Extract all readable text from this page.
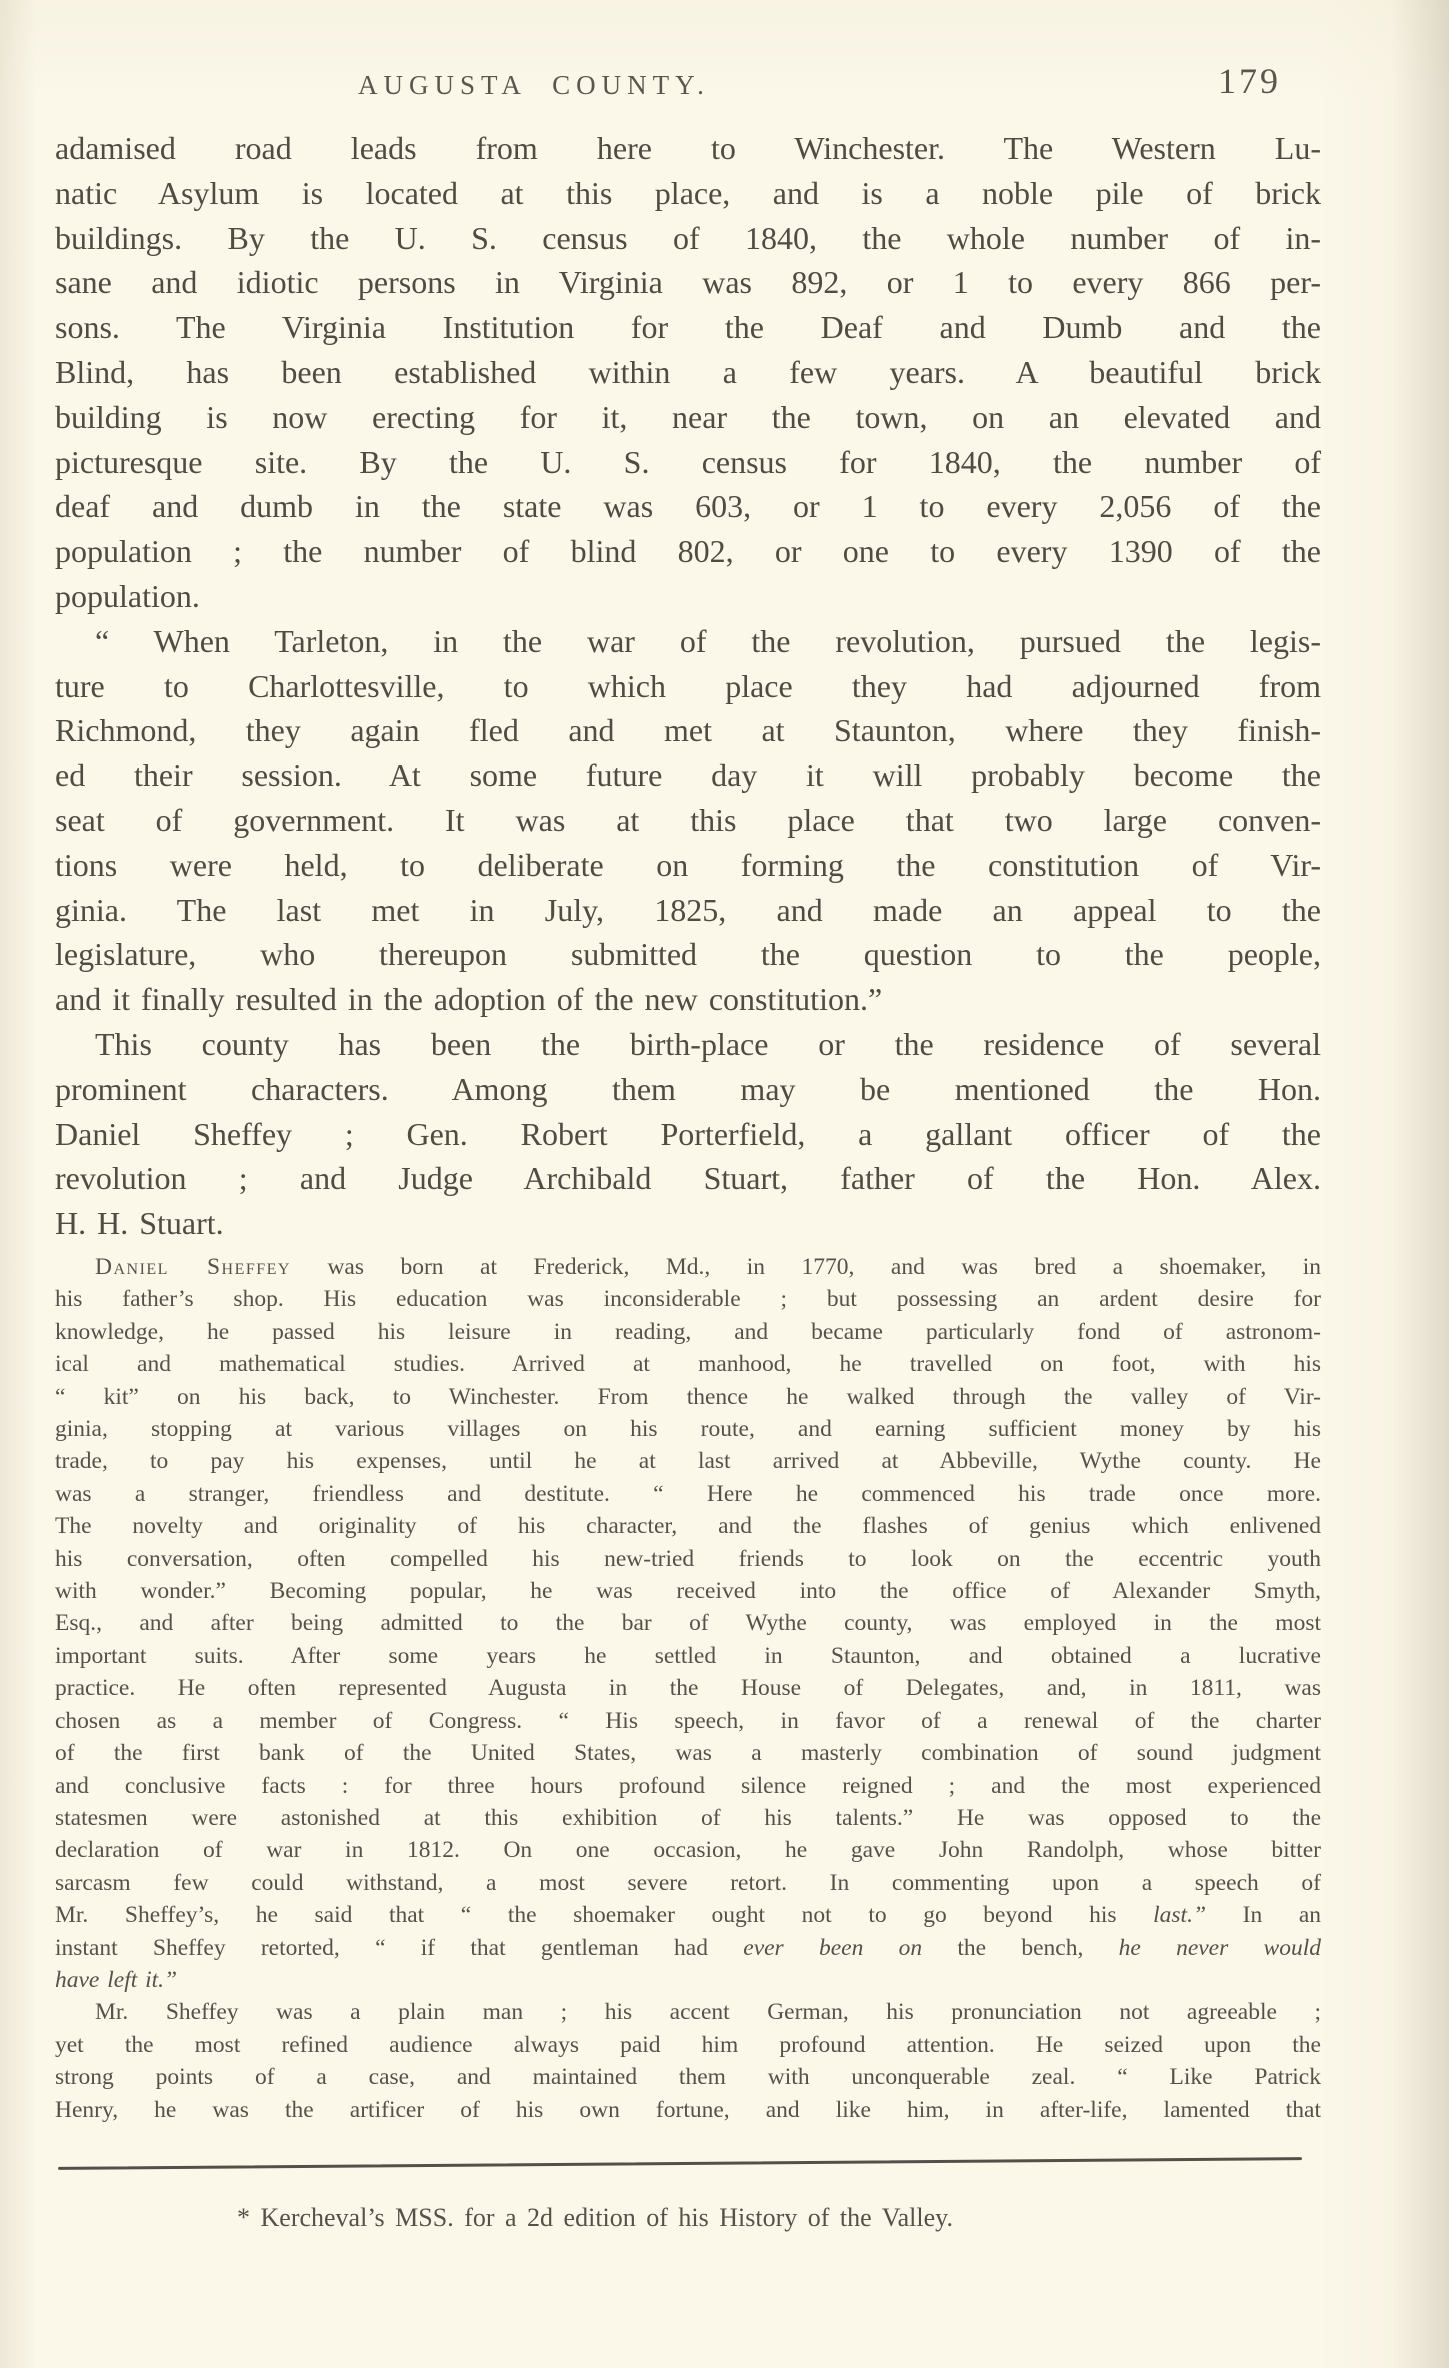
AUGUSTA COUNTY.	179
adamised road leads from here to Winchester. The Western Lu-
natic Asylum is located at this place, and is a noble pile of brick
buildings. By the U. S. census of 1840, the whole number of in-
sane and idiotic persons in Virginia was 892, or 1 to every 866 per-
sons. The Virginia Institution for the Deaf and Dumb and the
Blind, has been established within a few years. A beautiful brick
building is now erecting for it, near the town, on an elevated and
picturesque site. By the U. S. census for 1840, the number of
deaf and dumb in the state was 603, or 1 to every 2,056 of the
population ; the number of blind 802, or one to every 1390 of the
population.
“ When Tarleton, in the war of the revolution, pursued the legis-
ture to Charlottesville, to which place they had adjourned from
Richmond, they again fled and met at Staunton, where they finish-
ed their session. At some future day it will probably become the
seat of government. It was at this place that two large conven-
tions were held, to deliberate on forming the constitution of Vir-
ginia. The last met in July, 1825, and made an appeal to the
legislature, who thereupon submitted the question to the people,
and it finally resulted in the adoption of the new constitution.”
This county has been the birth-place or the residence of several
prominent characters. Among them may be mentioned the Hon.
Daniel Sheffey ; Gen. Robert Porterfield, a gallant officer of the
revolution ; and Judge Archibald Stuart, father of the Hon. Alex.
H. H. Stuart.
Daniel Sheffey was born at Frederick, Md., in 1770, and was bred a shoemaker, in
his father’s shop. His education was inconsiderable ; but possessing an ardent desire for
knowledge, he passed his leisure in reading, and became particularly fond of astronom-
ical and mathematical studies. Arrived at manhood, he travelled on foot, with his
“ kit” on his back, to Winchester. From thence he walked through the valley of Vir-
ginia, stopping at various villages on his route, and earning sufficient money by his
trade, to pay his expenses, until he at last arrived at Abbeville, Wythe county. He
was a stranger, friendless and destitute. “ Here he commenced his trade once more.
The novelty and originality of his character, and the flashes of genius which enlivened
his conversation, often compelled his new-tried friends to look on the eccentric youth
with wonder.” Becoming popular, he was received into the office of Alexander Smyth,
Esq., and after being admitted to the bar of Wythe county, was employed in the most
important suits. After some years he settled in Staunton, and obtained a lucrative
practice. He often represented Augusta in the House of Delegates, and, in 1811, was
chosen as a member of Congress. “ His speech, in favor of a renewal of the charter
of the first bank of the United States, was a masterly combination of sound judgment
and conclusive facts : for three hours profound silence reigned ; and the most experienced
statesmen were astonished at this exhibition of his talents.” He was opposed to the
declaration of war in 1812. On one occasion, he gave John Randolph, whose bitter
sarcasm few could withstand, a most severe retort. In commenting upon a speech of
Mr. Sheffey’s, he said that “ the shoemaker ought not to go beyond his last.” In an
instant Sheffey retorted, “ if that gentleman had ever been on the bench, he never would
have left it.”
Mr. Sheffey was a plain man ; his accent German, his pronunciation not agreeable ;
yet the most refined audience always paid him profound attention. He seized upon the
strong points of a case, and maintained them with unconquerable zeal. “ Like Patrick
Henry, he was the artificer of his own fortune, and like him, in after-life, lamented that
* Kercheval’s MSS. for a 2d edition of his History of the Valley.
